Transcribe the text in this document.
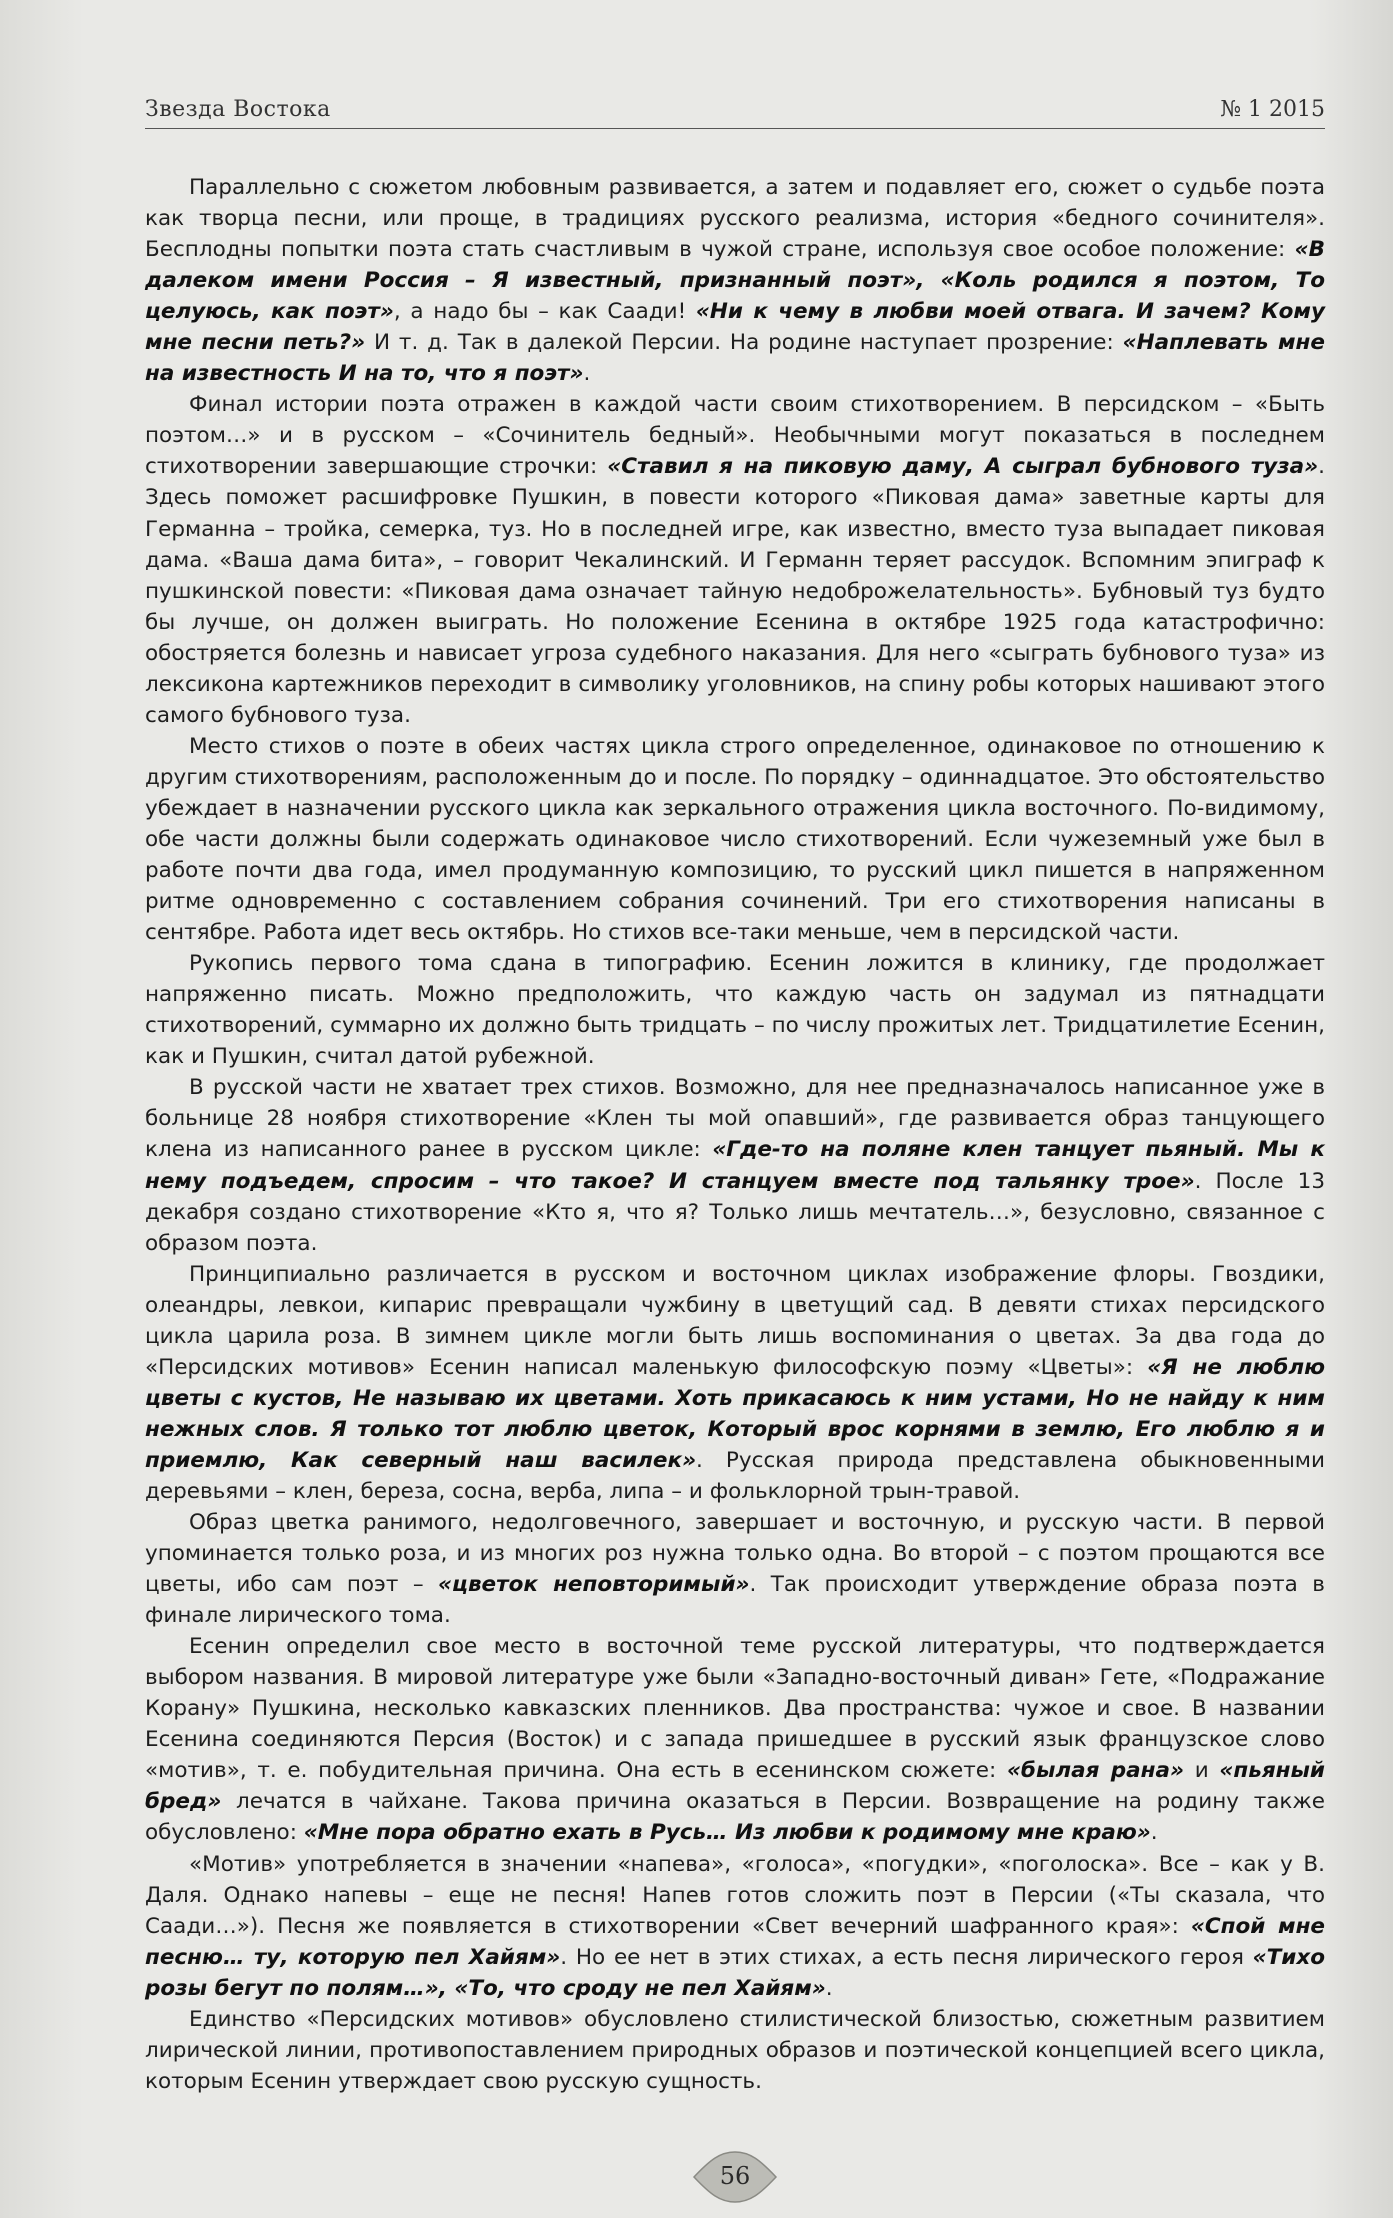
Звезда Востока	№ 1 2015

Параллельно с сюжетом любовным развивается, а затем и подавляет его, сюжет о судьбе поэта как творца песни, или проще, в традициях русского реализма, история «бедного сочинителя». Бесплодны попытки поэта стать счастливым в чужой стране, используя свое особое положение: «В далеком имени Россия – Я известный, признанный поэт», «Коль родился я поэтом, То целуюсь, как поэт», а надо бы – как Саади! «Ни к чему в любви моей отвага. И зачем? Кому мне песни петь?» И т. д. Так в далекой Персии. На родине наступает прозрение: «Наплевать мне на известность И на то, что я поэт».

Финал истории поэта отражен в каждой части своим стихотворением. В персидском – «Быть поэтом…» и в русском – «Сочинитель бедный». Необычными могут показаться в последнем стихотворении завершающие строчки: «Ставил я на пиковую даму, А сыграл бубнового туза». Здесь поможет расшифровке Пушкин, в повести которого «Пиковая дама» заветные карты для Германна – тройка, семерка, туз. Но в последней игре, как известно, вместо туза выпадает пиковая дама. «Ваша дама бита», – говорит Чекалинский. И Германн теряет рассудок. Вспомним эпиграф к пушкинской повести: «Пиковая дама означает тайную недоброжелательность». Бубновый туз будто бы лучше, он должен выиграть. Но положение Есенина в октябре 1925 года катастрофично: обостряется болезнь и нависает угроза судебного наказания. Для него «сыграть бубнового туза» из лексикона картежников переходит в символику уголовников, на спину робы которых нашивают этого самого бубнового туза.

Место стихов о поэте в обеих частях цикла строго определенное, одинаковое по отношению к другим стихотворениям, расположенным до и после. По порядку – одиннадцатое. Это обстоятельство убеждает в назначении русского цикла как зеркального отражения цикла восточного. По-видимому, обе части должны были содержать одинаковое число стихотворений. Если чужеземный уже был в работе почти два года, имел продуманную композицию, то русский цикл пишется в напряженном ритме одновременно с составлением собрания сочинений. Три его стихотворения написаны в сентябре. Работа идет весь октябрь. Но стихов все-таки меньше, чем в персидской части.

Рукопись первого тома сдана в типографию. Есенин ложится в клинику, где продолжает напряженно писать. Можно предположить, что каждую часть он задумал из пятнадцати стихотворений, суммарно их должно быть тридцать – по числу прожитых лет. Тридцатилетие Есенин, как и Пушкин, считал датой рубежной.

В русской части не хватает трех стихов. Возможно, для нее предназначалось написанное уже в больнице 28 ноября стихотворение «Клен ты мой опавший», где развивается образ танцующего клена из написанного ранее в русском цикле: «Где-то на поляне клен танцует пьяный. Мы к нему подъедем, спросим – что такое? И станцуем вместе под тальянку трое». После 13 декабря создано стихотворение «Кто я, что я? Только лишь мечтатель…», безусловно, связанное с образом поэта.

Принципиально различается в русском и восточном циклах изображение флоры. Гвоздики, олеандры, левкои, кипарис превращали чужбину в цветущий сад. В девяти стихах персидского цикла царила роза. В зимнем цикле могли быть лишь воспоминания о цветах. За два года до «Персидских мотивов» Есенин написал маленькую философскую поэму «Цветы»: «Я не люблю цветы с кустов, Не называю их цветами. Хоть прикасаюсь к ним устами, Но не найду к ним нежных слов. Я только тот люблю цветок, Который врос корнями в землю, Его люблю я и приемлю, Как северный наш василек». Русская природа представлена обыкновенными деревьями – клен, береза, сосна, верба, липа – и фольклорной трын-травой.

Образ цветка ранимого, недолговечного, завершает и восточную, и русскую части. В первой упоминается только роза, и из многих роз нужна только одна. Во второй – с поэтом прощаются все цветы, ибо сам поэт – «цветок неповторимый». Так происходит утверждение образа поэта в финале лирического тома.

Есенин определил свое место в восточной теме русской литературы, что подтверждается выбором названия. В мировой литературе уже были «Западно-восточный диван» Гете, «Подражание Корану» Пушкина, несколько кавказских пленников. Два пространства: чужое и свое. В названии Есенина соединяются Персия (Восток) и с запада пришедшее в русский язык французское слово «мотив», т. е. побудительная причина. Она есть в есенинском сюжете: «былая рана» и «пьяный бред» лечатся в чайхане. Такова причина оказаться в Персии. Возвращение на родину также обусловлено: «Мне пора обратно ехать в Русь… Из любви к родимому мне краю».

«Мотив» употребляется в значении «напева», «голоса», «погудки», «поголоска». Все – как у В. Даля. Однако напевы – еще не песня! Напев готов сложить поэт в Персии («Ты сказала, что Саади…»). Песня же появляется в стихотворении «Свет вечерний шафранного края»: «Спой мне песню… ту, которую пел Хайям». Но ее нет в этих стихах, а есть песня лирического героя «Тихо розы бегут по полям…», «То, что сроду не пел Хайям».

Единство «Персидских мотивов» обусловлено стилистической близостью, сюжетным развитием лирической линии, противопоставлением природных образов и поэтической концепцией всего цикла, которым Есенин утверждает свою русскую сущность.

56
